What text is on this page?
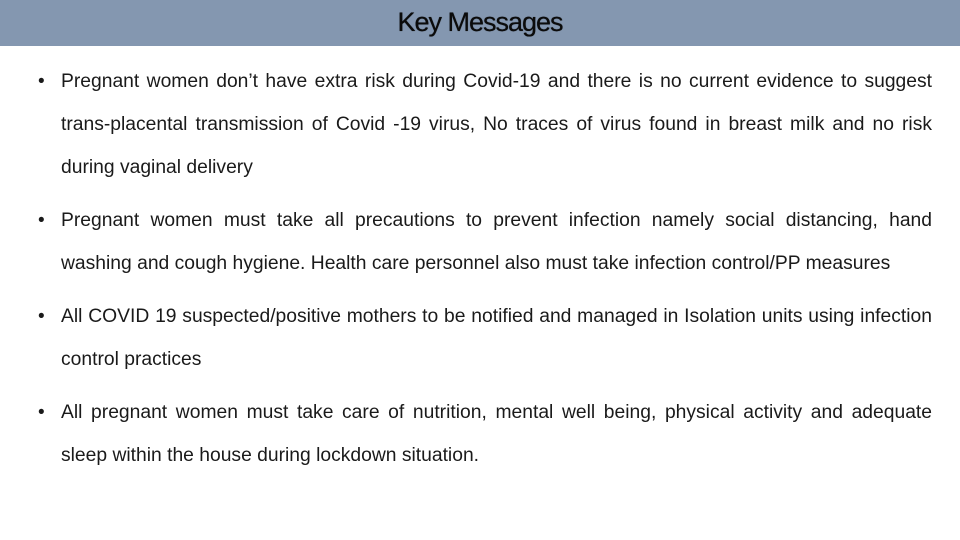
Key Messages
• Pregnant women don’t have extra risk during Covid-19 and there is no current evidence to suggest trans-placental transmission of Covid -19 virus, No traces of virus found in breast milk and no risk during vaginal delivery
• Pregnant women must take all precautions to prevent infection namely social distancing, hand washing and cough hygiene. Health care personnel also must take infection control/PP measures
• All COVID 19 suspected/positive mothers to be notified and managed in Isolation units using infection control practices
• All pregnant women must take care of nutrition, mental well being, physical activity and adequate sleep within the house during lockdown situation.
